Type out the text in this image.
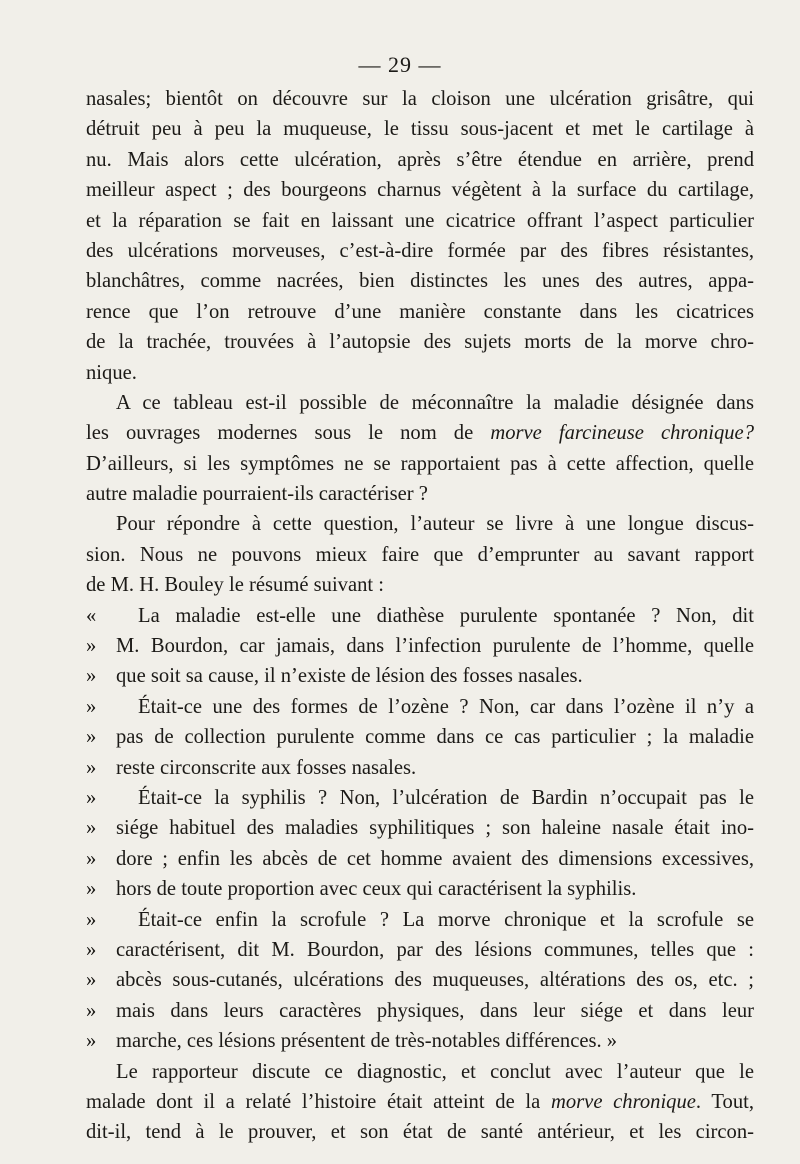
— 29 —
nasales; bientôt on découvre sur la cloison une ulcération grisâtre, qui
détruit peu à peu la muqueuse, le tissu sous-jacent et met le cartilage à
nu. Mais alors cette ulcération, après s’être étendue en arrière, prend
meilleur aspect ; des bourgeons charnus végètent à la surface du cartilage,
et la réparation se fait en laissant une cicatrice offrant l’aspect particulier
des ulcérations morveuses, c’est-à-dire formée par des fibres résistantes,
blanchâtres, comme nacrées, bien distinctes les unes des autres, appa-
rence que l’on retrouve d’une manière constante dans les cicatrices
de la trachée, trouvées à l’autopsie des sujets morts de la morve chro-
nique.
A ce tableau est-il possible de méconnaître la maladie désignée dans
les ouvrages modernes sous le nom de morve farcineuse chronique?
D’ailleurs, si les symptômes ne se rapportaient pas à cette affection, quelle
autre maladie pourraient-ils caractériser ?
Pour répondre à cette question, l’auteur se livre à une longue discus-
sion. Nous ne pouvons mieux faire que d’emprunter au savant rapport
de M. H. Bouley le résumé suivant :
« La maladie est-elle une diathèse purulente spontanée ? Non, dit
» M. Bourdon, car jamais, dans l’infection purulente de l’homme, quelle
» que soit sa cause, il n’existe de lésion des fosses nasales.
» Était-ce une des formes de l’ozène ? Non, car dans l’ozène il n’y a
» pas de collection purulente comme dans ce cas particulier ; la maladie
» reste circonscrite aux fosses nasales.
» Était-ce la syphilis ? Non, l’ulcération de Bardin n’occupait pas le
» siége habituel des maladies syphilitiques ; son haleine nasale était ino-
» dore ; enfin les abcès de cet homme avaient des dimensions excessives,
» hors de toute proportion avec ceux qui caractérisent la syphilis.
» Était-ce enfin la scrofule ? La morve chronique et la scrofule se
» caractérisent, dit M. Bourdon, par des lésions communes, telles que :
» abcès sous-cutanés, ulcérations des muqueuses, altérations des os, etc. ;
» mais dans leurs caractères physiques, dans leur siége et dans leur
» marche, ces lésions présentent de très-notables différences. »
Le rapporteur discute ce diagnostic, et conclut avec l’auteur que le
malade dont il a relaté l’histoire était atteint de la morve chronique. Tout,
dit-il, tend à le prouver, et son état de santé antérieur, et les circon-
